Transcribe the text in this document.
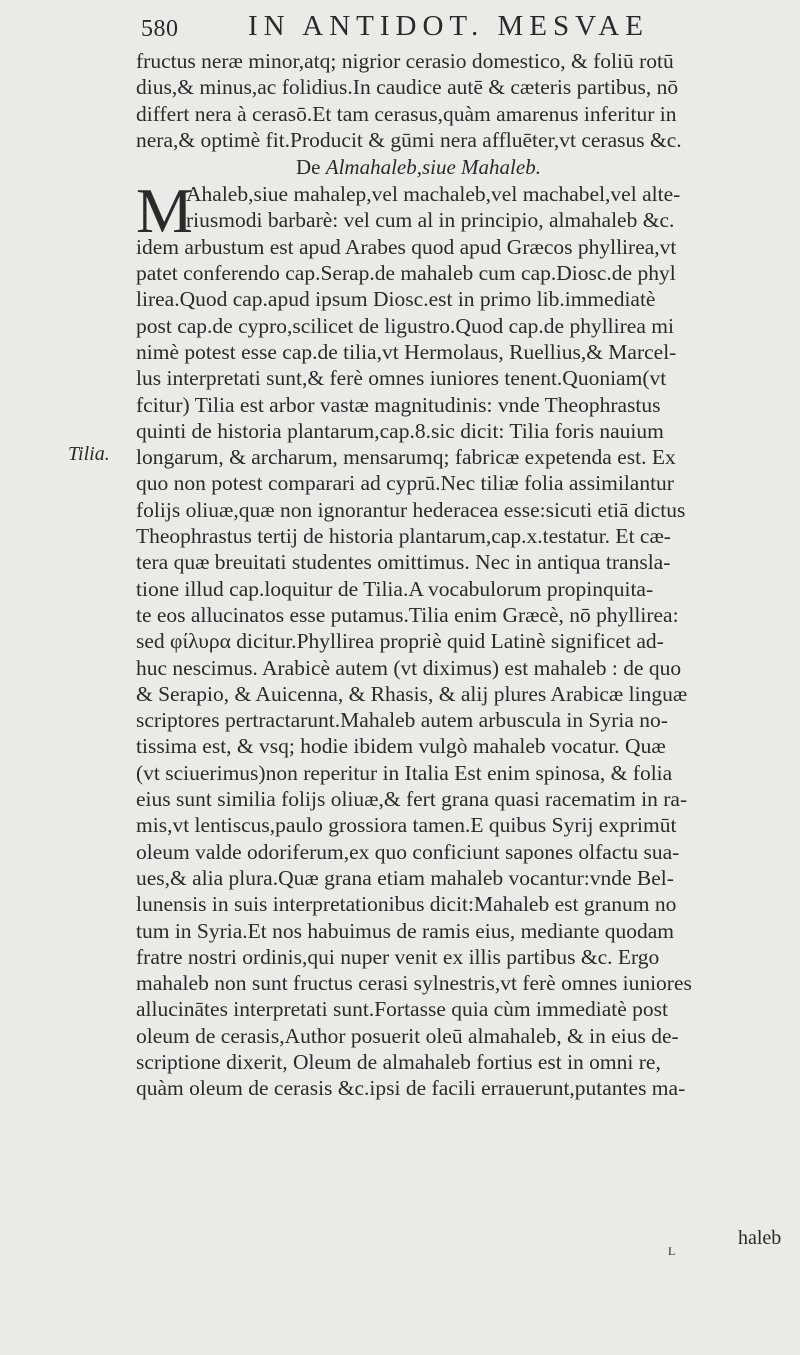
580 IN ANTIDOT. MESVAE
Tilia.
fructus neræ minor,atq; nigrior cerasio domestico, & foliū rotū
dius,& minus,ac folidius.In caudice autē & cæteris partibus, nō
differt nera à cerasō.Et tam cerasus,quàm amarenus inferitur in
nera,& optimè fit.Producit & gūmi nera affluēter,vt cerasus &c.
De Almahaleb,siue Mahaleb.
M
Ahaleb,siue mahalep,vel machaleb,vel machabel,vel alte-
riusmodi barbarè: vel cum al in principio, almahaleb &c.
idem arbustum est apud Arabes quod apud Græcos phyllirea,vt
patet conferendo cap.Serap.de mahaleb cum cap.Diosc.de phyl
lirea.Quod cap.apud ipsum Diosc.est in primo lib.immediatè
post cap.de cypro,scilicet de ligustro.Quod cap.de phyllirea mi
nimè potest esse cap.de tilia,vt Hermolaus, Ruellius,& Marcel-
lus interpretati sunt,& ferè omnes iuniores tenent.Quoniam(vt
fcitur) Tilia est arbor vastæ magnitudinis: vnde Theophrastus
quinti de historia plantarum,cap.8.sic dicit: Tilia foris nauium
longarum, & archarum, mensarumq; fabricæ expetenda est. Ex
quo non potest comparari ad cyprū.Nec tiliæ folia assimilantur
folijs oliuæ,quæ non ignorantur hederacea esse:sicuti etiā dictus
Theophrastus tertij de historia plantarum,cap.x.testatur. Et cæ-
tera quæ breuitati studentes omittimus. Nec in antiqua transla-
tione illud cap.loquitur de Tilia.A vocabulorum propinquita-
te eos allucinatos esse putamus.Tilia enim Græcè, nō phyllirea:
sed φίλυρα dicitur.Phyllirea propriè quid Latinè significet ad-
huc nescimus. Arabicè autem (vt diximus) est mahaleb : de quo
& Serapio, & Auicenna, & Rhasis, & alij plures Arabicæ linguæ
scriptores pertractarunt.Mahaleb autem arbuscula in Syria no-
tissima est, & vsq; hodie ibidem vulgò mahaleb vocatur. Quæ
(vt sciuerimus)non reperitur in Italia Est enim spinosa, & folia
eius sunt similia folijs oliuæ,& fert grana quasi racematim in ra-
mis,vt lentiscus,paulo grossiora tamen.E quibus Syrij exprimūt
oleum valde odoriferum,ex quo conficiunt sapones olfactu sua-
ues,& alia plura.Quæ grana etiam mahaleb vocantur:vnde Bel-
lunensis in suis interpretationibus dicit:Mahaleb est granum no
tum in Syria.Et nos habuimus de ramis eius, mediante quodam
fratre nostri ordinis,qui nuper venit ex illis partibus &c. Ergo
mahaleb non sunt fructus cerasi sylnestris,vt ferè omnes iuniores
allucinātes interpretati sunt.Fortasse quia cùm immediatè post
oleum de cerasis,Author posuerit oleū almahaleb, & in eius de-
scriptione dixerit, Oleum de almahaleb fortius est in omni re,
quàm oleum de cerasis &c.ipsi de facili errauerunt,putantes ma-
haleb
L
